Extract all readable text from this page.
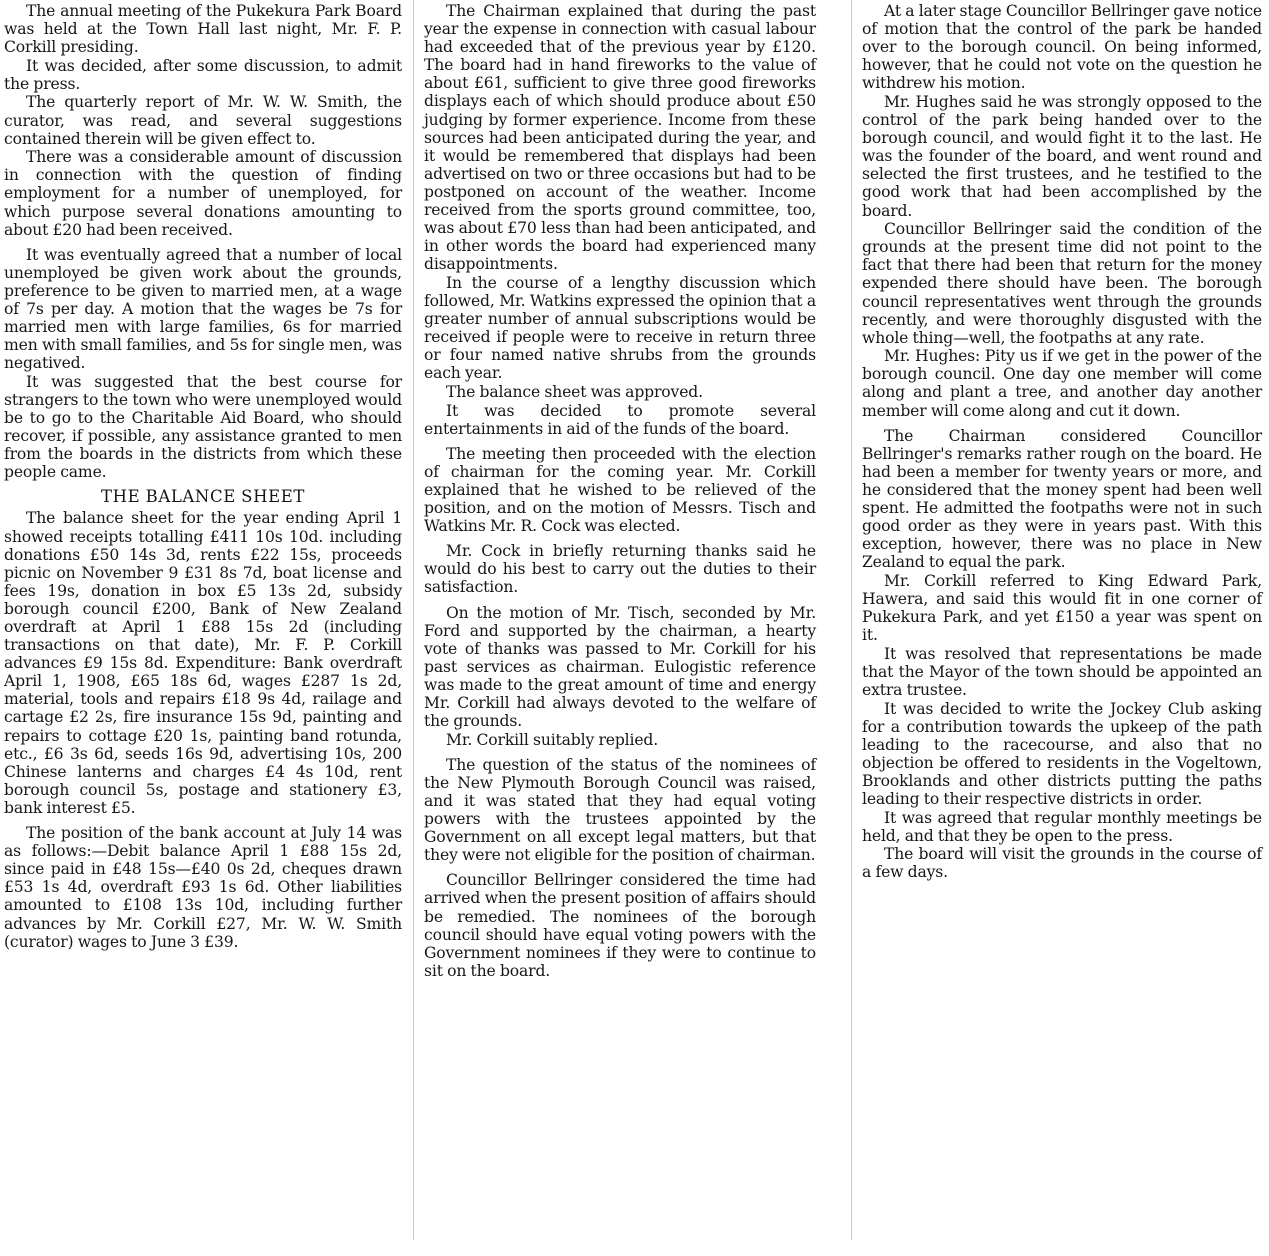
The annual meeting of the Pukekura Park Board was held at the Town Hall last night, Mr. F. P. Corkill presiding.

It was decided, after some discussion, to admit the press.

The quarterly report of Mr. W. W. Smith, the curator, was read, and several suggestions contained therein will be given effect to.

There was a considerable amount of discussion in connection with the question of finding employment for a number of unemployed, for which purpose several donations amounting to about £20 had been received.

It was eventually agreed that a number of local unemployed be given work about the grounds, preference to be given to married men, at a wage of 7s per day. A motion that the wages be 7s for married men with large families, 6s for married men with small families, and 5s for single men, was negatived.

It was suggested that the best course for strangers to the town who were unemployed would be to go to the Charitable Aid Board, who should recover, if possible, any assistance granted to men from the boards in the districts from which these people came.

THE BALANCE SHEET

The balance sheet for the year ending April 1 showed receipts totalling £411 10s 10d. including donations £50 14s 3d, rents £22 15s, proceeds picnic on November 9 £31 8s 7d, boat license and fees 19s, donation in box £5 13s 2d, subsidy borough council £200, Bank of New Zealand overdraft at April 1 £88 15s 2d (including transactions on that date), Mr. F. P. Corkill advances £9 15s 8d. Expenditure: Bank overdraft April 1, 1908, £65 18s 6d, wages £287 1s 2d, material, tools and repairs £18 9s 4d, railage and cartage £2 2s, fire insurance 15s 9d, painting and repairs to cottage £20 1s, painting band rotunda, etc., £6 3s 6d, seeds 16s 9d, advertising 10s, 200 Chinese lanterns and charges £4 4s 10d, rent borough council 5s, postage and stationery £3, bank interest £5.

The position of the bank account at July 14 was as follows:—Debit balance April 1 £88 15s 2d, since paid in £48 15s—£40 0s 2d, cheques drawn £53 1s 4d, overdraft £93 1s 6d. Other liabilities amounted to £108 13s 10d, including further advances by Mr. Corkill £27, Mr. W. W. Smith (curator) wages to June 3 £39.

The Chairman explained that during the past year the expense in connection with casual labour had exceeded that of the previous year by £120. The board had in hand fireworks to the value of about £61, sufficient to give three good fireworks displays each of which should produce about £50 judging by former experience. Income from these sources had been anticipated during the year, and it would be remembered that displays had been advertised on two or three occasions but had to be postponed on account of the weather. Income received from the sports ground committee, too, was about £70 less than had been anticipated, and in other words the board had experienced many disappointments.

In the course of a lengthy discussion which followed, Mr. Watkins expressed the opinion that a greater number of annual subscriptions would be received if people were to receive in return three or four named native shrubs from the grounds each year.

The balance sheet was approved.

It was decided to promote several entertainments in aid of the funds of the board.

The meeting then proceeded with the election of chairman for the coming year. Mr. Corkill explained that he wished to be relieved of the position, and on the motion of Messrs. Tisch and Watkins Mr. R. Cock was elected.

Mr. Cock in briefly returning thanks said he would do his best to carry out the duties to their satisfaction.

On the motion of Mr. Tisch, seconded by Mr. Ford and supported by the chairman, a hearty vote of thanks was passed to Mr. Corkill for his past services as chairman. Eulogistic reference was made to the great amount of time and energy Mr. Corkill had always devoted to the welfare of the grounds.

Mr. Corkill suitably replied.

The question of the status of the nominees of the New Plymouth Borough Council was raised, and it was stated that they had equal voting powers with the trustees appointed by the Government on all except legal matters, but that they were not eligible for the position of chairman.

Councillor Bellringer considered the time had arrived when the present position of affairs should be remedied. The nominees of the borough council should have equal voting powers with the Government nominees if they were to continue to sit on the board.

At a later stage Councillor Bellringer gave notice of motion that the control of the park be handed over to the borough council. On being informed, however, that he could not vote on the question he withdrew his motion.

Mr. Hughes said he was strongly opposed to the control of the park being handed over to the borough council, and would fight it to the last. He was the founder of the board, and went round and selected the first trustees, and he testified to the good work that had been accomplished by the board.

Councillor Bellringer said the condition of the grounds at the present time did not point to the fact that there had been that return for the money expended there should have been. The borough council representatives went through the grounds recently, and were thoroughly disgusted with the whole thing—well, the footpaths at any rate.

Mr. Hughes: Pity us if we get in the power of the borough council. One day one member will come along and plant a tree, and another day another member will come along and cut it down.

The Chairman considered Councillor Bellringer's remarks rather rough on the board. He had been a member for twenty years or more, and he considered that the money spent had been well spent. He admitted the footpaths were not in such good order as they were in years past. With this exception, however, there was no place in New Zealand to equal the park.

Mr. Corkill referred to King Edward Park, Hawera, and said this would fit in one corner of Pukekura Park, and yet £150 a year was spent on it.

It was resolved that representations be made that the Mayor of the town should be appointed an extra trustee.

It was decided to write the Jockey Club asking for a contribution towards the upkeep of the path leading to the racecourse, and also that no objection be offered to residents in the Vogeltown, Brooklands and other districts putting the paths leading to their respective districts in order.

It was agreed that regular monthly meetings be held, and that they be open to the press.

The board will visit the grounds in the course of a few days.
